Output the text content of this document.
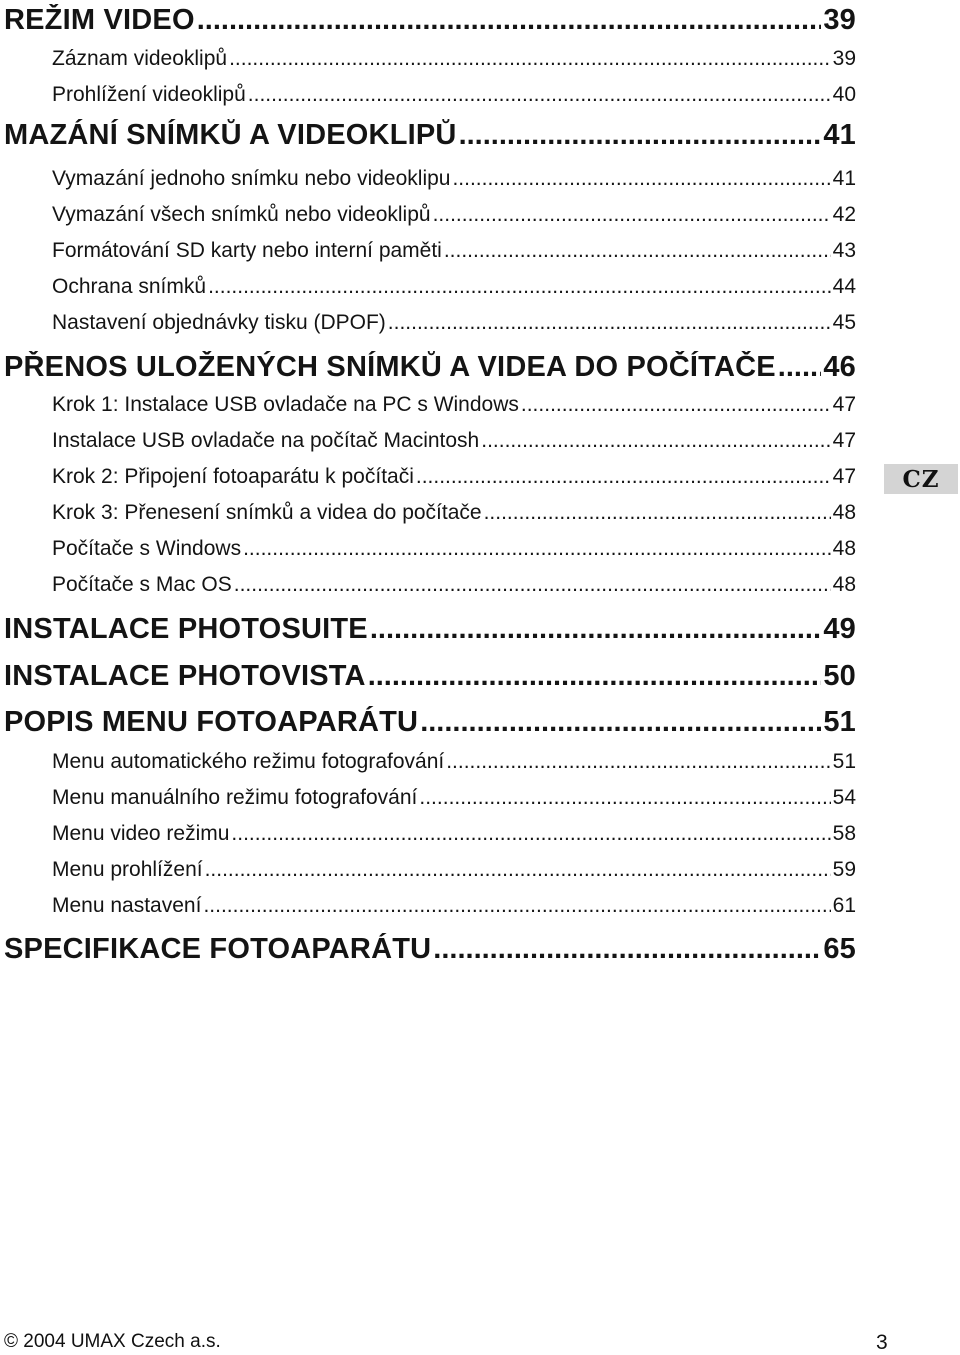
REŽIM VIDEO .....	39
Záznam videoklipů .....	39
Prohlížení videoklipů .....	40
MAZÁNÍ SNÍMKŮ A VIDEOKLIPŮ .....	41
Vymazání jednoho snímku nebo videoklipu .....	41
Vymazání všech snímků nebo videoklipů .....	42
Formátování SD karty nebo interní paměti .....	43
Ochrana snímků .....	44
Nastavení objednávky tisku (DPOF) .....	45
PŘENOS ULOŽENÝCH SNÍMKŮ A VIDEA DO POČÍTAČE ..... 46
Krok 1: Instalace USB ovladače na PC s Windows .....	47
Instalace USB ovladače na počítač Macintosh .....	47
Krok 2: Připojení fotoaparátu k počítači .....	47
Krok 3: Přenesení snímků a videa do počítače .....	48
Počítače s Windows .....	48
Počítače s Mac OS .....	48
INSTALACE PHOTOSUITE .....	49
INSTALACE PHOTOVISTA .....	50
POPIS MENU FOTOAPARÁTU .....	51
Menu automatického režimu fotografování .....	51
Menu manuálního režimu fotografování .....	54
Menu video režimu .....	58
Menu prohlížení .....	59
Menu nastavení .....	61
SPECIFIKACE FOTOAPARÁTU .....	65
CZ
© 2004 UMAX Czech a.s.	3
